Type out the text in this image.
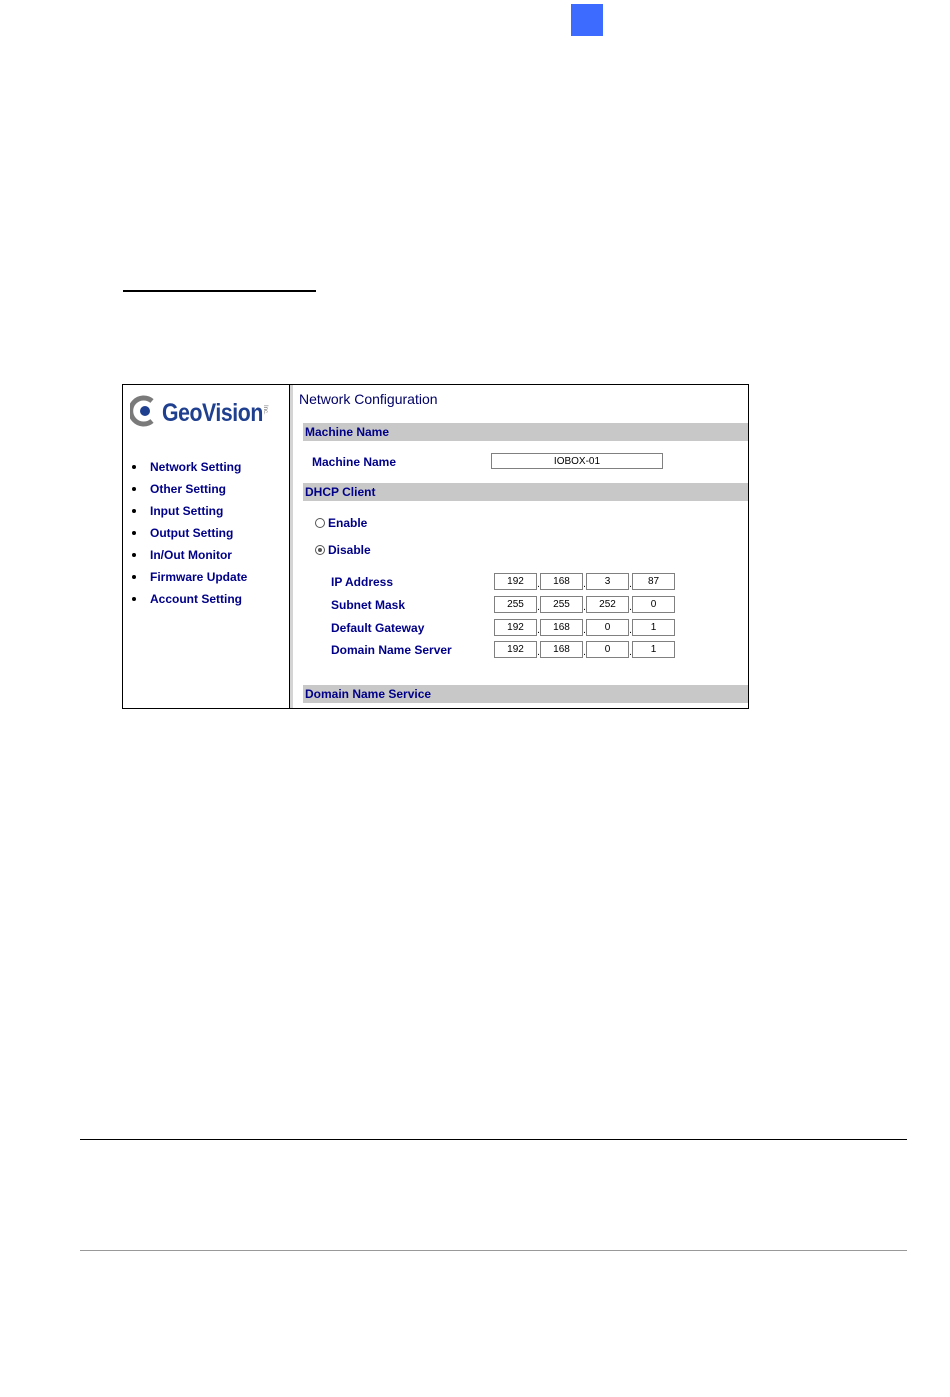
GeoVision Inc.
Network Setting
Other Setting
Input Setting
Output Setting
In/Out Monitor
Firmware Update
Account Setting
Network Configuration
Machine Name
Machine Name	IOBOX-01
DHCP Client
Enable
Disable
IP Address	192	.	168	.	3	.	87
Subnet Mask	255	.	255	.	252	.	0
Default Gateway	192	.	168	.	0	.	1
Domain Name Server	192	.	168	.	0	.	1
Domain Name Service
